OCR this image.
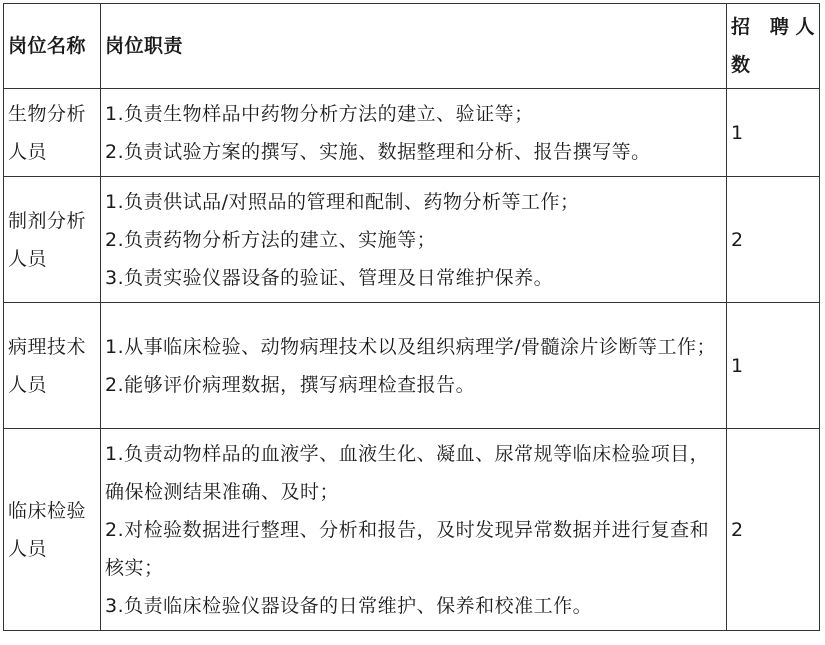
岗位名称	岗位职责	招 聘人数

生物分析人员	1.负责生物样品中药物分析方法的建立、验证等；
2.负责试验方案的撰写、实施、数据整理和分析、报告撰写等。	1

制剂分析人员	1.负责供试品/对照品的管理和配制、药物分析等工作；
2.负责药物分析方法的建立、实施等；
3.负责实验仪器设备的验证、管理及日常维护保养。	2

病理技术人员	1.从事临床检验、动物病理技术以及组织病理学/骨髓涂片诊断等工作；
2.能够评价病理数据，撰写病理检查报告。	1

临床检验人员	1.负责动物样品的血液学、血液生化、凝血、尿常规等临床检验项目，确保检测结果准确、及时；
2.对检验数据进行整理、分析和报告，及时发现异常数据并进行复查和核实；
3.负责临床检验仪器设备的日常维护、保养和校准工作。	2
